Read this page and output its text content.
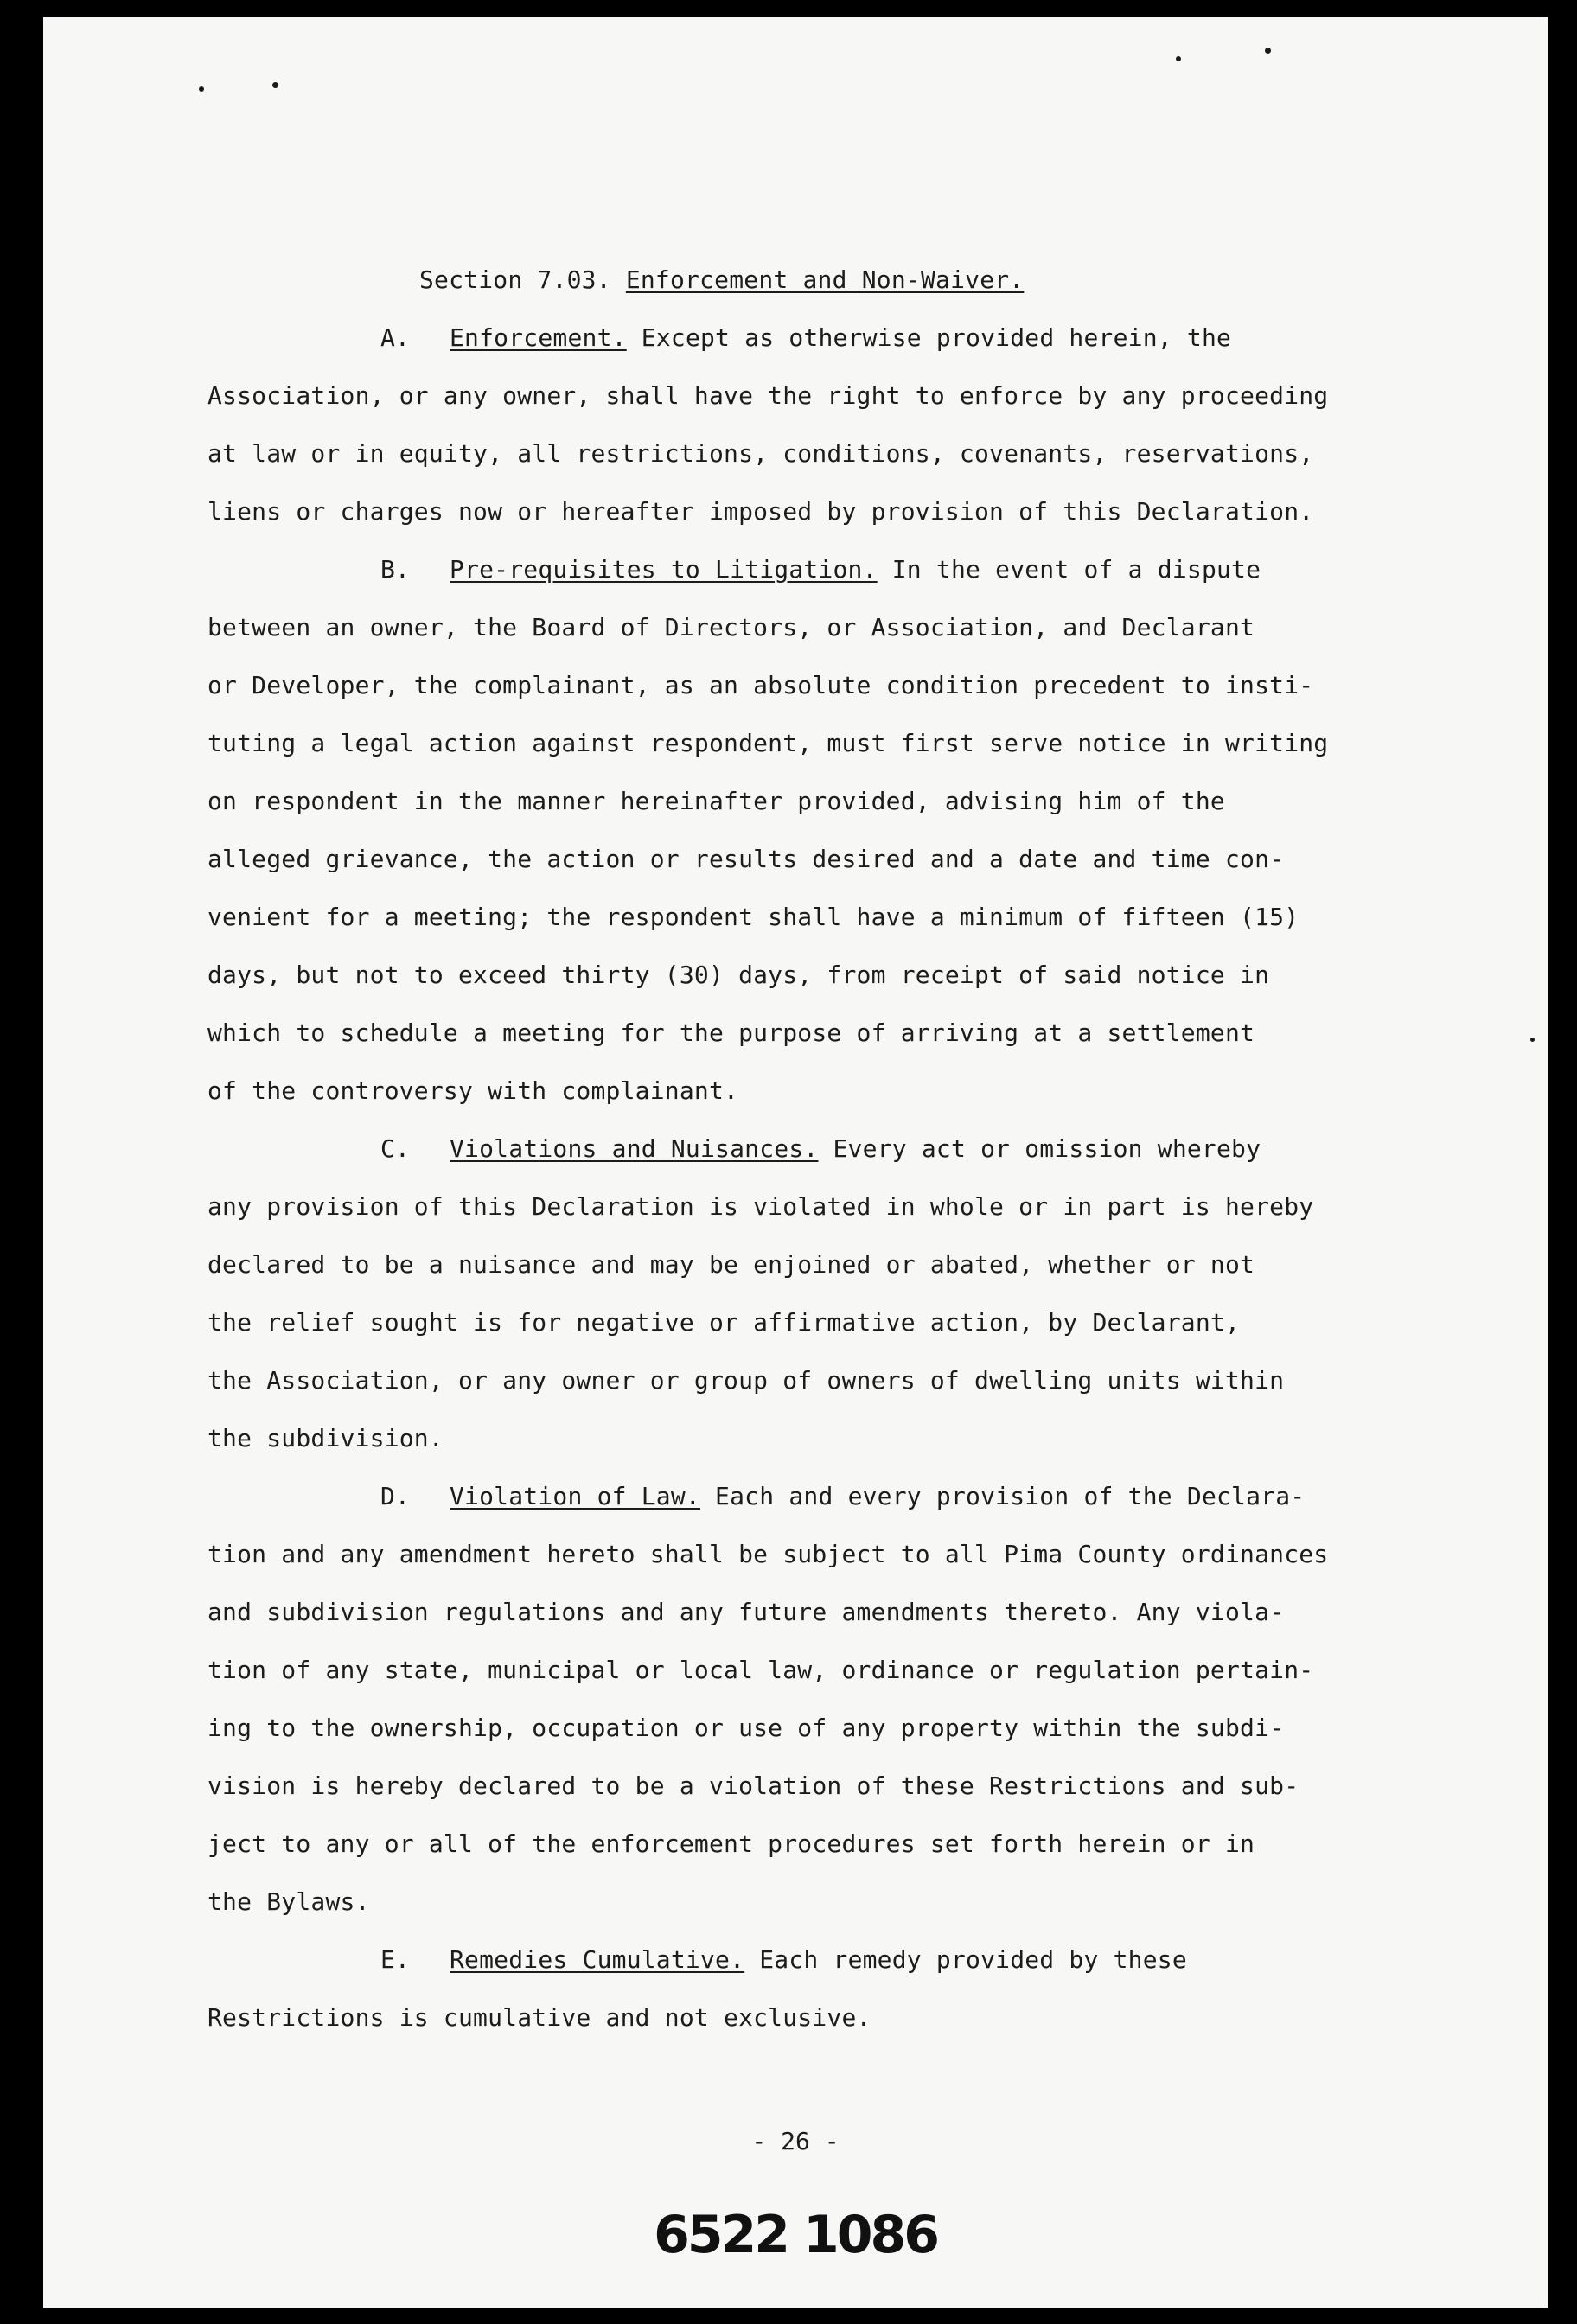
Section 7.03. Enforcement and Non-Waiver.

A. Enforcement. Except as otherwise provided herein, the

Association, or any owner, shall have the right to enforce by any proceeding

at law or in equity, all restrictions, conditions, covenants, reservations,

liens or charges now or hereafter imposed by provision of this Declaration.

B. Pre-requisites to Litigation. In the event of a dispute

between an owner, the Board of Directors, or Association, and Declarant

or Developer, the complainant, as an absolute condition precedent to insti-

tuting a legal action against respondent, must first serve notice in writing

on respondent in the manner hereinafter provided, advising him of the

alleged grievance, the action or results desired and a date and time con-

venient for a meeting; the respondent shall have a minimum of fifteen (15)

days, but not to exceed thirty (30) days, from receipt of said notice in

which to schedule a meeting for the purpose of arriving at a settlement

of the controversy with complainant.

C. Violations and Nuisances. Every act or omission whereby

any provision of this Declaration is violated in whole or in part is hereby

declared to be a nuisance and may be enjoined or abated, whether or not

the relief sought is for negative or affirmative action, by Declarant,

the Association, or any owner or group of owners of dwelling units within

the subdivision.

D. Violation of Law. Each and every provision of the Declara-

tion and any amendment hereto shall be subject to all Pima County ordinances

and subdivision regulations and any future amendments thereto. Any viola-

tion of any state, municipal or local law, ordinance or regulation pertain-

ing to the ownership, occupation or use of any property within the subdi-

vision is hereby declared to be a violation of these Restrictions and sub-

ject to any or all of the enforcement procedures set forth herein or in

the Bylaws.

E. Remedies Cumulative. Each remedy provided by these

Restrictions is cumulative and not exclusive.

- 26 -
6522 1086
